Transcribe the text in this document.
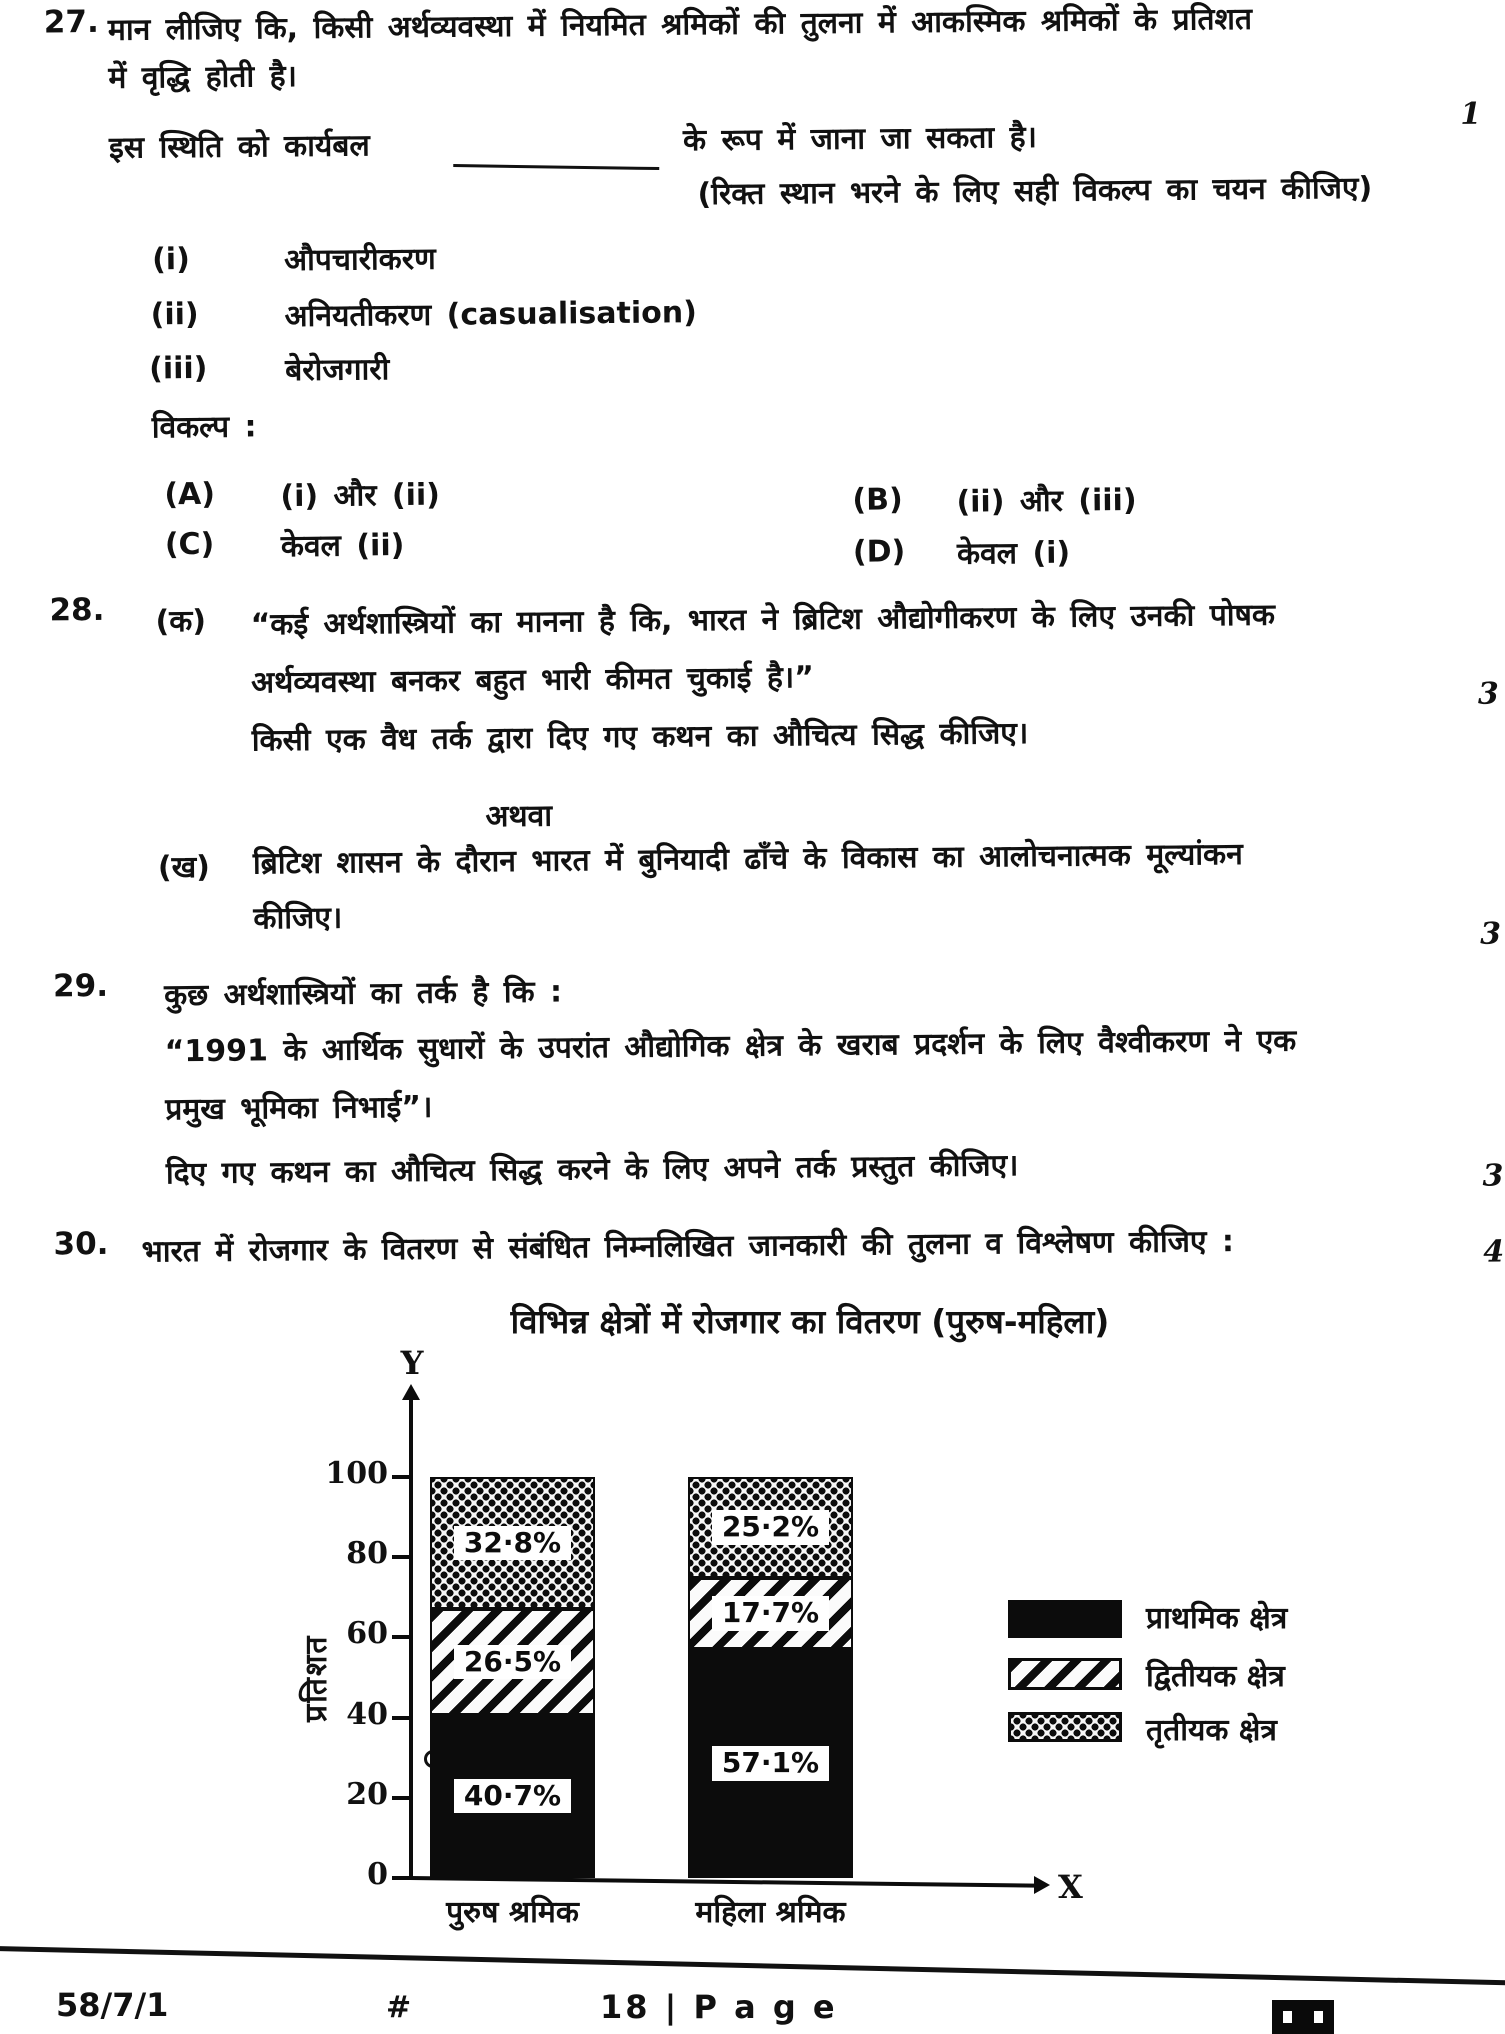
27. मान लीजिए कि, किसी अर्थव्यवस्था में नियमित श्रमिकों की तुलना में आकस्मिक श्रमिकों के प्रतिशत
में वृद्धि होती है।
इस स्थिति को कार्यबल	के रूप में जाना जा सकता है।
1
(रिक्त स्थान भरने के लिए सही विकल्प का चयन कीजिए)
(i)	औपचारीकरण
(ii)	अनियतीकरण (casualisation)
(iii)	बेरोजगारी
विकल्प :
(A) (i) और (ii)	(B) (ii) और (iii)
(C) केवल (ii)	(D) केवल (i)
28. (क) “कई अर्थशास्त्रियों का मानना है कि, भारत ने ब्रिटिश औद्योगीकरण के लिए उनकी पोषक
अर्थव्यवस्था बनकर बहुत भारी कीमत चुकाई है।”
किसी एक वैध तर्क द्वारा दिए गए कथन का औचित्य सिद्ध कीजिए।
3
अथवा
(ख) ब्रिटिश शासन के दौरान भारत में बुनियादी ढाँचे के विकास का आलोचनात्मक मूल्यांकन
कीजिए।	3
29. कुछ अर्थशास्त्रियों का तर्क है कि :
“1991 के आर्थिक सुधारों के उपरांत औद्योगिक क्षेत्र के खराब प्रदर्शन के लिए वैश्वीकरण ने एक
प्रमुख भूमिका निभाई”।
दिए गए कथन का औचित्य सिद्ध करने के लिए अपने तर्क प्रस्तुत कीजिए।	3
30. भारत में रोजगार के वितरण से संबंधित निम्नलिखित जानकारी की तुलना व विश्लेषण कीजिए :	4
विभिन्न क्षेत्रों में रोजगार का वितरण (पुरुष-महिला)
Y
प्रतिशत
X
40·7%
26·5%
32·8%
पुरुष श्रमिक
57·1%
17·7%
25·2%
महिला श्रमिक
0
20
40
60
80
100
प्राथमिक क्षेत्र
द्वितीयक क्षेत्र
तृतीयक क्षेत्र
58/7/1	#	18 | P a g e
